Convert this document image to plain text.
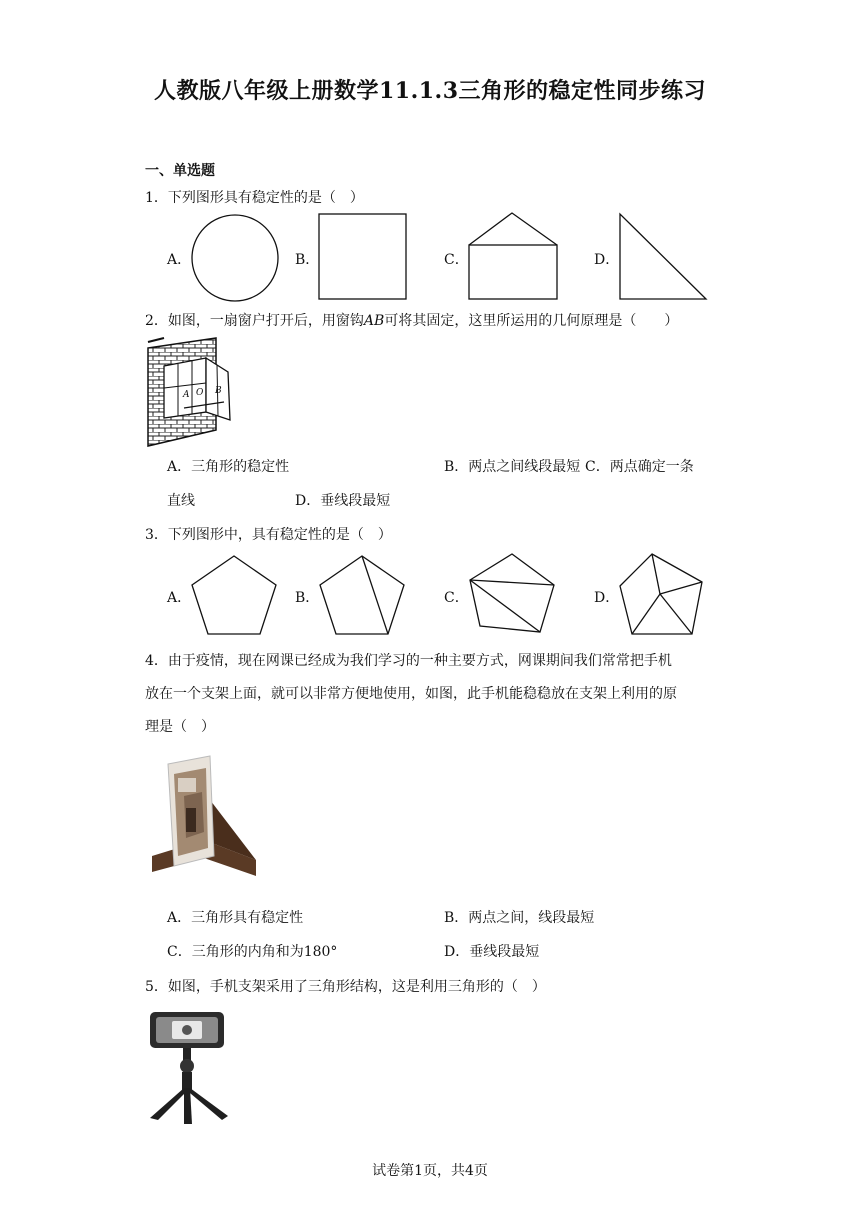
人教版八年级上册数学11.1.3三角形的稳定性同步练习
一、单选题
1．下列图形具有稳定性的是（　）
A．	B．	C．	D．
2．如图，一扇窗户打开后，用窗钩AB可将其固定，这里所运用的几何原理是（　　）
A O B
A．三角形的稳定性	B．两点之间线段最短 C．两点确定一条
直线	D．垂线段最短
3．下列图形中，具有稳定性的是（　）
A．	B．	C．	D．
4．由于疫情，现在网课已经成为我们学习的一种主要方式，网课期间我们常常把手机
放在一个支架上面，就可以非常方便地使用，如图，此手机能稳稳放在支架上利用的原
理是（　）
A．三角形具有稳定性	B．两点之间，线段最短
C．三角形的内角和为180°	D．垂线段最短
5．如图，手机支架采用了三角形结构，这是利用三角形的（　）
试卷第1页，共4页
